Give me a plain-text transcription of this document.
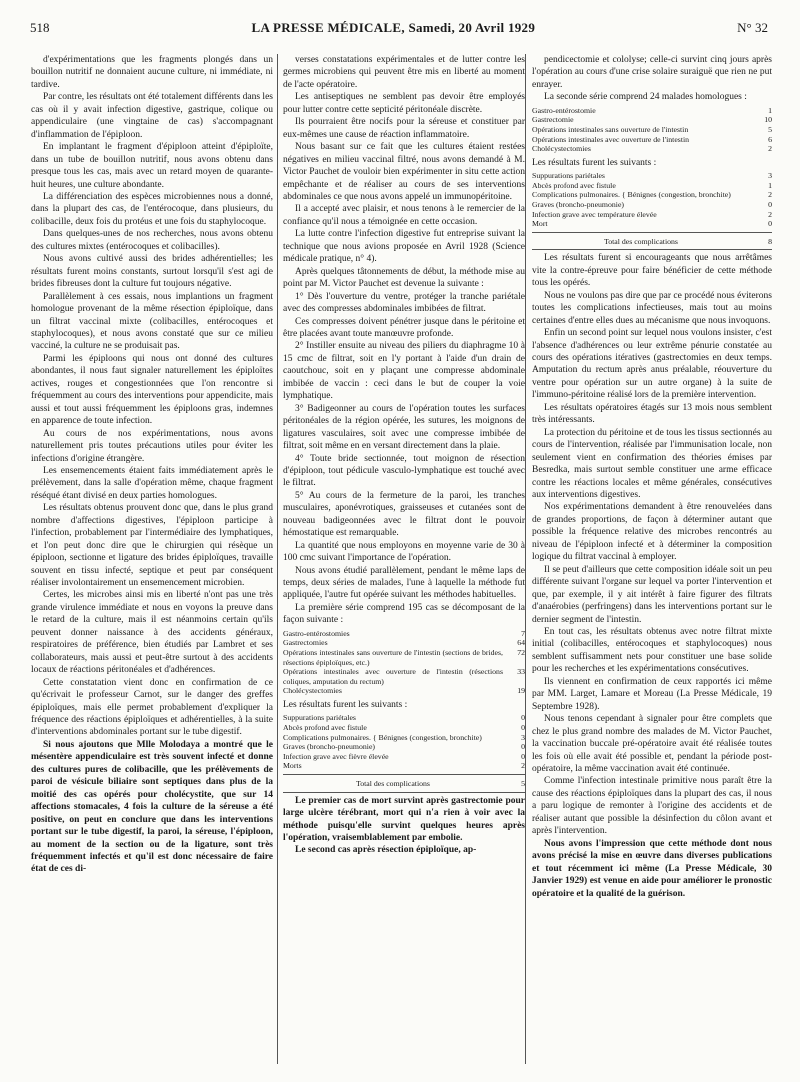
518	LA PRESSE MÉDICALE, Samedi, 20 Avril 1929	N° 32

d'expérimentations que les fragments plongés dans un bouillon nutritif ne donnaient aucune culture, ni immédiate, ni tardive.

Par contre, les résultats ont été totalement différents dans les cas où il y avait infection digestive, gastrique, colique ou appendiculaire (une vingtaine de cas) s'accompagnant d'inflammation de l'épiploon.

En implantant le fragment d'épiploon atteint d'épiploïte, dans un tube de bouillon nutritif, nous avons obtenu dans presque tous les cas, mais avec un retard moyen de quarante-huit heures, une culture abondante.

La différenciation des espèces microbiennes nous a donné, dans la plupart des cas, de l'entérocoque, dans plusieurs, du colibacille, deux fois du protéus et une fois du staphylocoque.

Dans quelques-unes de nos recherches, nous avons obtenu des cultures mixtes (entérocoques et colibacilles).

Nous avons cultivé aussi des brides adhérentielles; les résultats furent moins constants, surtout lorsqu'il s'est agi de brides fibreuses dont la culture fut toujours négative.

Parallèlement à ces essais, nous implantions un fragment homologue provenant de la même résection épiploïque, dans un filtrat vaccinal mixte (colibacilles, entérocoques et staphylocoques), et nous avons constaté que sur ce milieu vacciné, la culture ne se produisait pas.

Parmi les épiploons qui nous ont donné des cultures abondantes, il nous faut signaler naturellement les épiploïtes actives, rouges et congestionnées que l'on rencontre si fréquemment au cours des interventions pour appendicite, mais aussi et tout aussi fréquemment les épiploons gras, indemnes en apparence de toute infection.

Au cours de nos expérimentations, nous avons naturellement pris toutes précautions utiles pour éviter les infections d'origine étrangère.

Les ensemencements étaient faits immédiatement après le prélèvement, dans la salle d'opération même, chaque fragment réséqué étant divisé en deux parties homologues.

Les résultats obtenus prouvent donc que, dans le plus grand nombre d'affections digestives, l'épiploon participe à l'infection, probablement par l'intermédiaire des lymphatiques, et l'on peut donc dire que le chirurgien qui résèque un épiploon, sectionne et ligature des brides épiploïques, travaille souvent en tissu infecté, septique et peut par conséquent réaliser involontairement un ensemencement microbien.

Certes, les microbes ainsi mis en liberté n'ont pas une très grande virulence immédiate et nous en voyons la preuve dans le retard de la culture, mais il est néanmoins certain qu'ils peuvent donner naissance à des accidents généraux, respiratoires de préférence, bien étudiés par Lambret et ses collaborateurs, mais aussi et peut-être surtout à des accidents locaux de réactions péritonéales et d'adhérences.

Cette constatation vient donc en confirmation de ce qu'écrivait le professeur Carnot, sur le danger des greffes épiploïques, mais elle permet probablement d'expliquer la fréquence des réactions épiploïques et adhérentielles, à la suite d'interventions abdominales portant sur le tube digestif.

Si nous ajoutons que Mlle Molodaya a montré que le mésentère appendiculaire est très souvent infecté et donne des cultures pures de colibacille, que les prélèvements de paroi de vésicule biliaire sont septiques dans plus de la moitié des cas opérés pour cholécystite, que sur 14 affections stomacales, 4 fois la culture de la séreuse a été positive, on peut en conclure que dans les interventions portant sur le tube digestif, la paroi, la séreuse, l'épiploon, au moment de la section ou de la ligature, sont très fréquemment infectés et qu'il est donc nécessaire de faire état de ces di-

verses constatations expérimentales et de lutter contre les germes microbiens qui peuvent être mis en liberté au moment de l'acte opératoire.

Les antiseptiques ne semblent pas devoir être employés pour lutter contre cette septicité péritonéale discrète.

Ils pourraient être nocifs pour la séreuse et constituer par eux-mêmes une cause de réaction inflammatoire.

Nous basant sur ce fait que les cultures étaient restées négatives en milieu vaccinal filtré, nous avons demandé à M. Victor Pauchet de vouloir bien expérimenter in situ cette action empêchante et de réaliser au cours de ses interventions abdominales ce que nous avons appelé un immunopéritoine.

Il a accepté avec plaisir, et nous tenons à le remercier de la confiance qu'il nous a témoignée en cette occasion.

La lutte contre l'infection digestive fut entreprise suivant la technique que nous avions proposée en Avril 1928 (Science médicale pratique, n° 4).

Après quelques tâtonnements de début, la méthode mise au point par M. Victor Pauchet est devenue la suivante :

1° Dès l'ouverture du ventre, protéger la tranche pariétale avec des compresses abdominales imbibées de filtrat.

Ces compresses doivent pénétrer jusque dans le péritoine et être placées avant toute manœuvre profonde.

2° Instiller ensuite au niveau des piliers du diaphragme 10 à 15 cmc de filtrat, soit en l'y portant à l'aide d'un drain de caoutchouc, soit en y plaçant une compresse abdominale imbibée de vaccin : ceci dans le but de couper la voie lymphatique.

3° Badigeonner au cours de l'opération toutes les surfaces péritonéales de la région opérée, les sutures, les moignons de ligatures vasculaires, soit avec une compresse imbibée de filtrat, soit même en en versant directement dans la plaie.

4° Toute bride sectionnée, tout moignon de résection d'épiploon, tout pédicule vasculo-lymphatique est touché avec le filtrat.

5° Au cours de la fermeture de la paroi, les tranches musculaires, aponévrotiques, graisseuses et cutanées sont de nouveau badigeonnées avec le filtrat dont le pouvoir hémostatique est remarquable.

La quantité que nous employons en moyenne varie de 30 à 100 cmc suivant l'importance de l'opération.

Nous avons étudié parallèlement, pendant le même laps de temps, deux séries de malades, l'une à laquelle la méthode fut appliquée, l'autre fut opérée suivant les méthodes habituelles.

La première série comprend 195 cas se décomposant de la façon suivante :

Gastro-entérostomies	7
Gastrectomies	64
Opérations intestinales sans ouverture de l'intestin (sections de brides, résections épiploïques, etc.)	72
Opérations intestinales avec ouverture de l'intestin (résections coliques, amputation du rectum)	33
Cholécystectomies	19

Les résultats furent les suivants :

Suppurations pariétales	0
Abcès profond avec fistule	0
Complications pulmonaires. { Bénignes (congestion, bronchite)	3
Graves (broncho-pneumonie)	0
Infection grave avec fièvre élevée	0
Morts	2
Total des complications	5

Le premier cas de mort survint après gastrectomie pour large ulcère térébrant, mort qui n'a rien à voir avec la méthode puisqu'elle survint quelques heures après l'opération, vraisemblablement par embolie.

Le second cas après résection épiploïque, ap-

pendicectomie et cololyse; celle-ci survint cinq jours après l'opération au cours d'une crise solaire suraiguë que rien ne put enrayer.

La seconde série comprend 24 malades homologues :

Gastro-entérostomie	1
Gastrectomie	10
Opérations intestinales sans ouverture de l'intestin	5
Opérations intestinales avec ouverture de l'intestin	6
Cholécystectomies	2

Les résultats furent les suivants :

Suppurations pariétales	3
Abcès profond avec fistule	1
Complications pulmonaires. { Bénignes (congestion, bronchite)	2
Graves (broncho-pneumonie)	0
Infection grave avec température élevée	2
Mort	0
Total des complications	8

Les résultats furent si encourageants que nous arrêtâmes vite la contre-épreuve pour faire bénéficier de cette méthode tous les opérés.

Nous ne voulons pas dire que par ce procédé nous éviterons toutes les complications infectieuses, mais tout au moins certaines d'entre elles dues au mécanisme que nous invoquons.

Enfin un second point sur lequel nous voulons insister, c'est l'absence d'adhérences ou leur extrême pénurie constatée au cours des opérations itératives (gastrectomies en deux temps. Amputation du rectum après anus préalable, réouverture du ventre pour opération sur un autre organe) à la suite de l'immuno-péritoine réalisé lors de la première intervention.

Les résultats opératoires étagés sur 13 mois nous semblent très intéressants.

La protection du péritoine et de tous les tissus sectionnés au cours de l'intervention, réalisée par l'immunisation locale, non seulement vient en confirmation des théories émises par Besredka, mais surtout semble constituer une arme efficace contre les réactions locales et même générales, consécutives aux interventions digestives.

Nos expérimentations demandent à être renouvelées dans de grandes proportions, de façon à déterminer autant que possible la fréquence relative des microbes rencontrés au niveau de l'épiploon infecté et à déterminer la composition logique du filtrat vaccinal à employer.

Il se peut d'ailleurs que cette composition idéale soit un peu différente suivant l'organe sur lequel va porter l'intervention et que, par exemple, il y ait intérêt à faire figurer des filtrats d'anaérobies (perfringens) dans les interventions portant sur le dernier segment de l'intestin.

En tout cas, les résultats obtenus avec notre filtrat mixte initial (colibacilles, entérocoques et staphylocoques) nous semblent suffisamment nets pour constituer une base solide pour les recherches et les expérimentations consécutives.

Ils viennent en confirmation de ceux rapportés ici même par MM. Larget, Lamare et Moreau (La Presse Médicale, 19 Septembre 1928).

Nous tenons cependant à signaler pour être complets que chez le plus grand nombre des malades de M. Victor Pauchet, la vaccination buccale pré-opératoire avait été réalisée toutes les fois où elle avait été possible et, pendant la période post-opératoire, la même vaccination avait été continuée.

Comme l'infection intestinale primitive nous paraît être la cause des réactions épiploïques dans la plupart des cas, il nous a paru logique de remonter à l'origine des accidents et de réaliser autant que possible la désinfection du côlon avant et après l'intervention.

Nous avons l'impression que cette méthode dont nous avons précisé la mise en œuvre dans diverses publications et tout récemment ici même (La Presse Médicale, 30 Janvier 1929) est venue en aide pour améliorer le pronostic opératoire et la qualité de la guérison.
